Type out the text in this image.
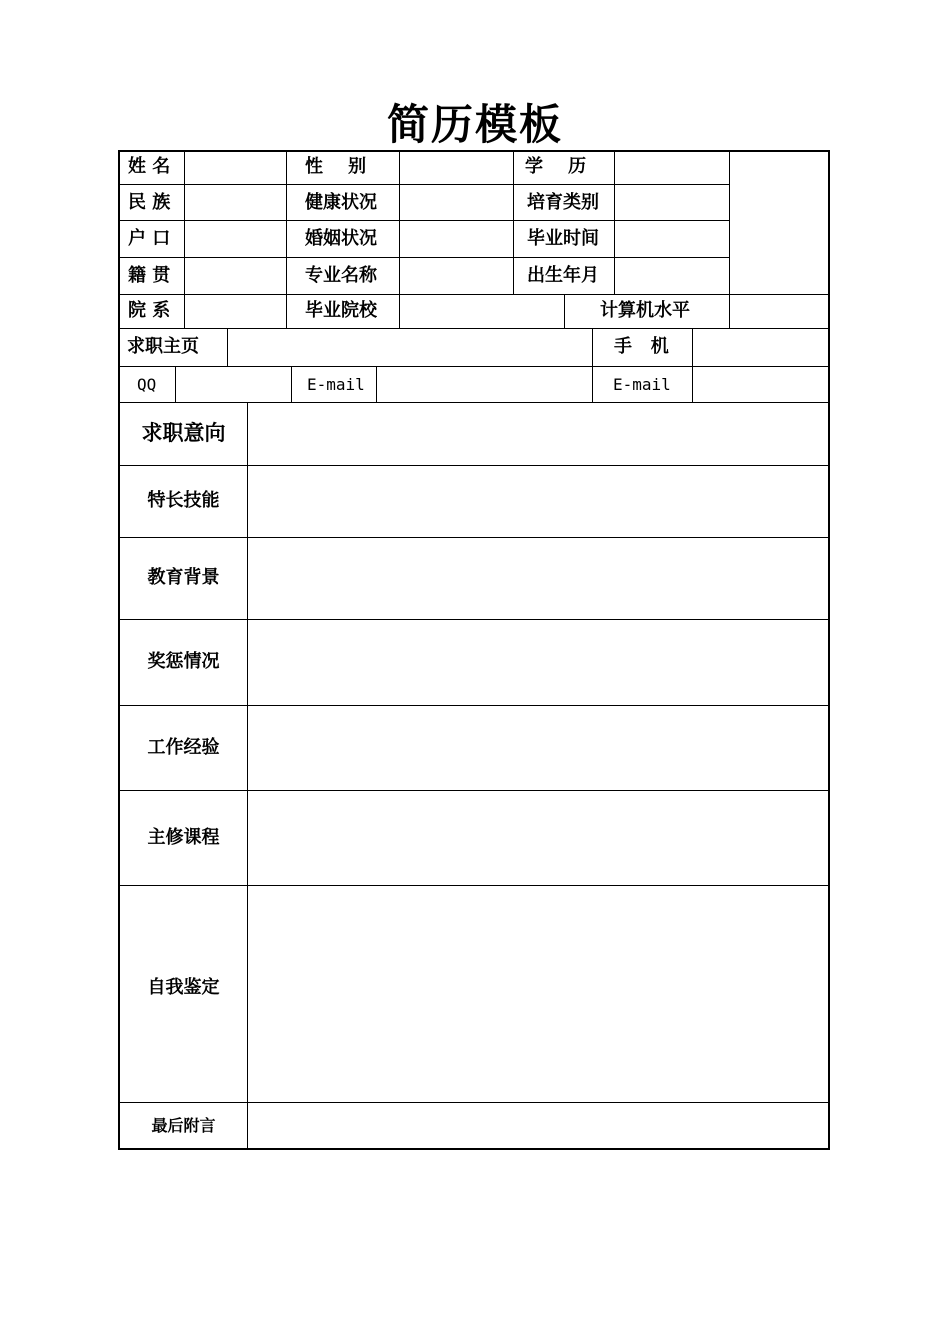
简历模板
姓 名	性    别	学    历
民 族	健康状况	培育类别
户 口	婚姻状况	毕业时间
籍 贯	专业名称	出生年月
院 系	毕业院校	计算机水平
求职主页	手   机
QQ	E-mail	E-mail
求职意向
特长技能
教育背景
奖惩情况
工作经验
主修课程
自我鉴定
最后附言
